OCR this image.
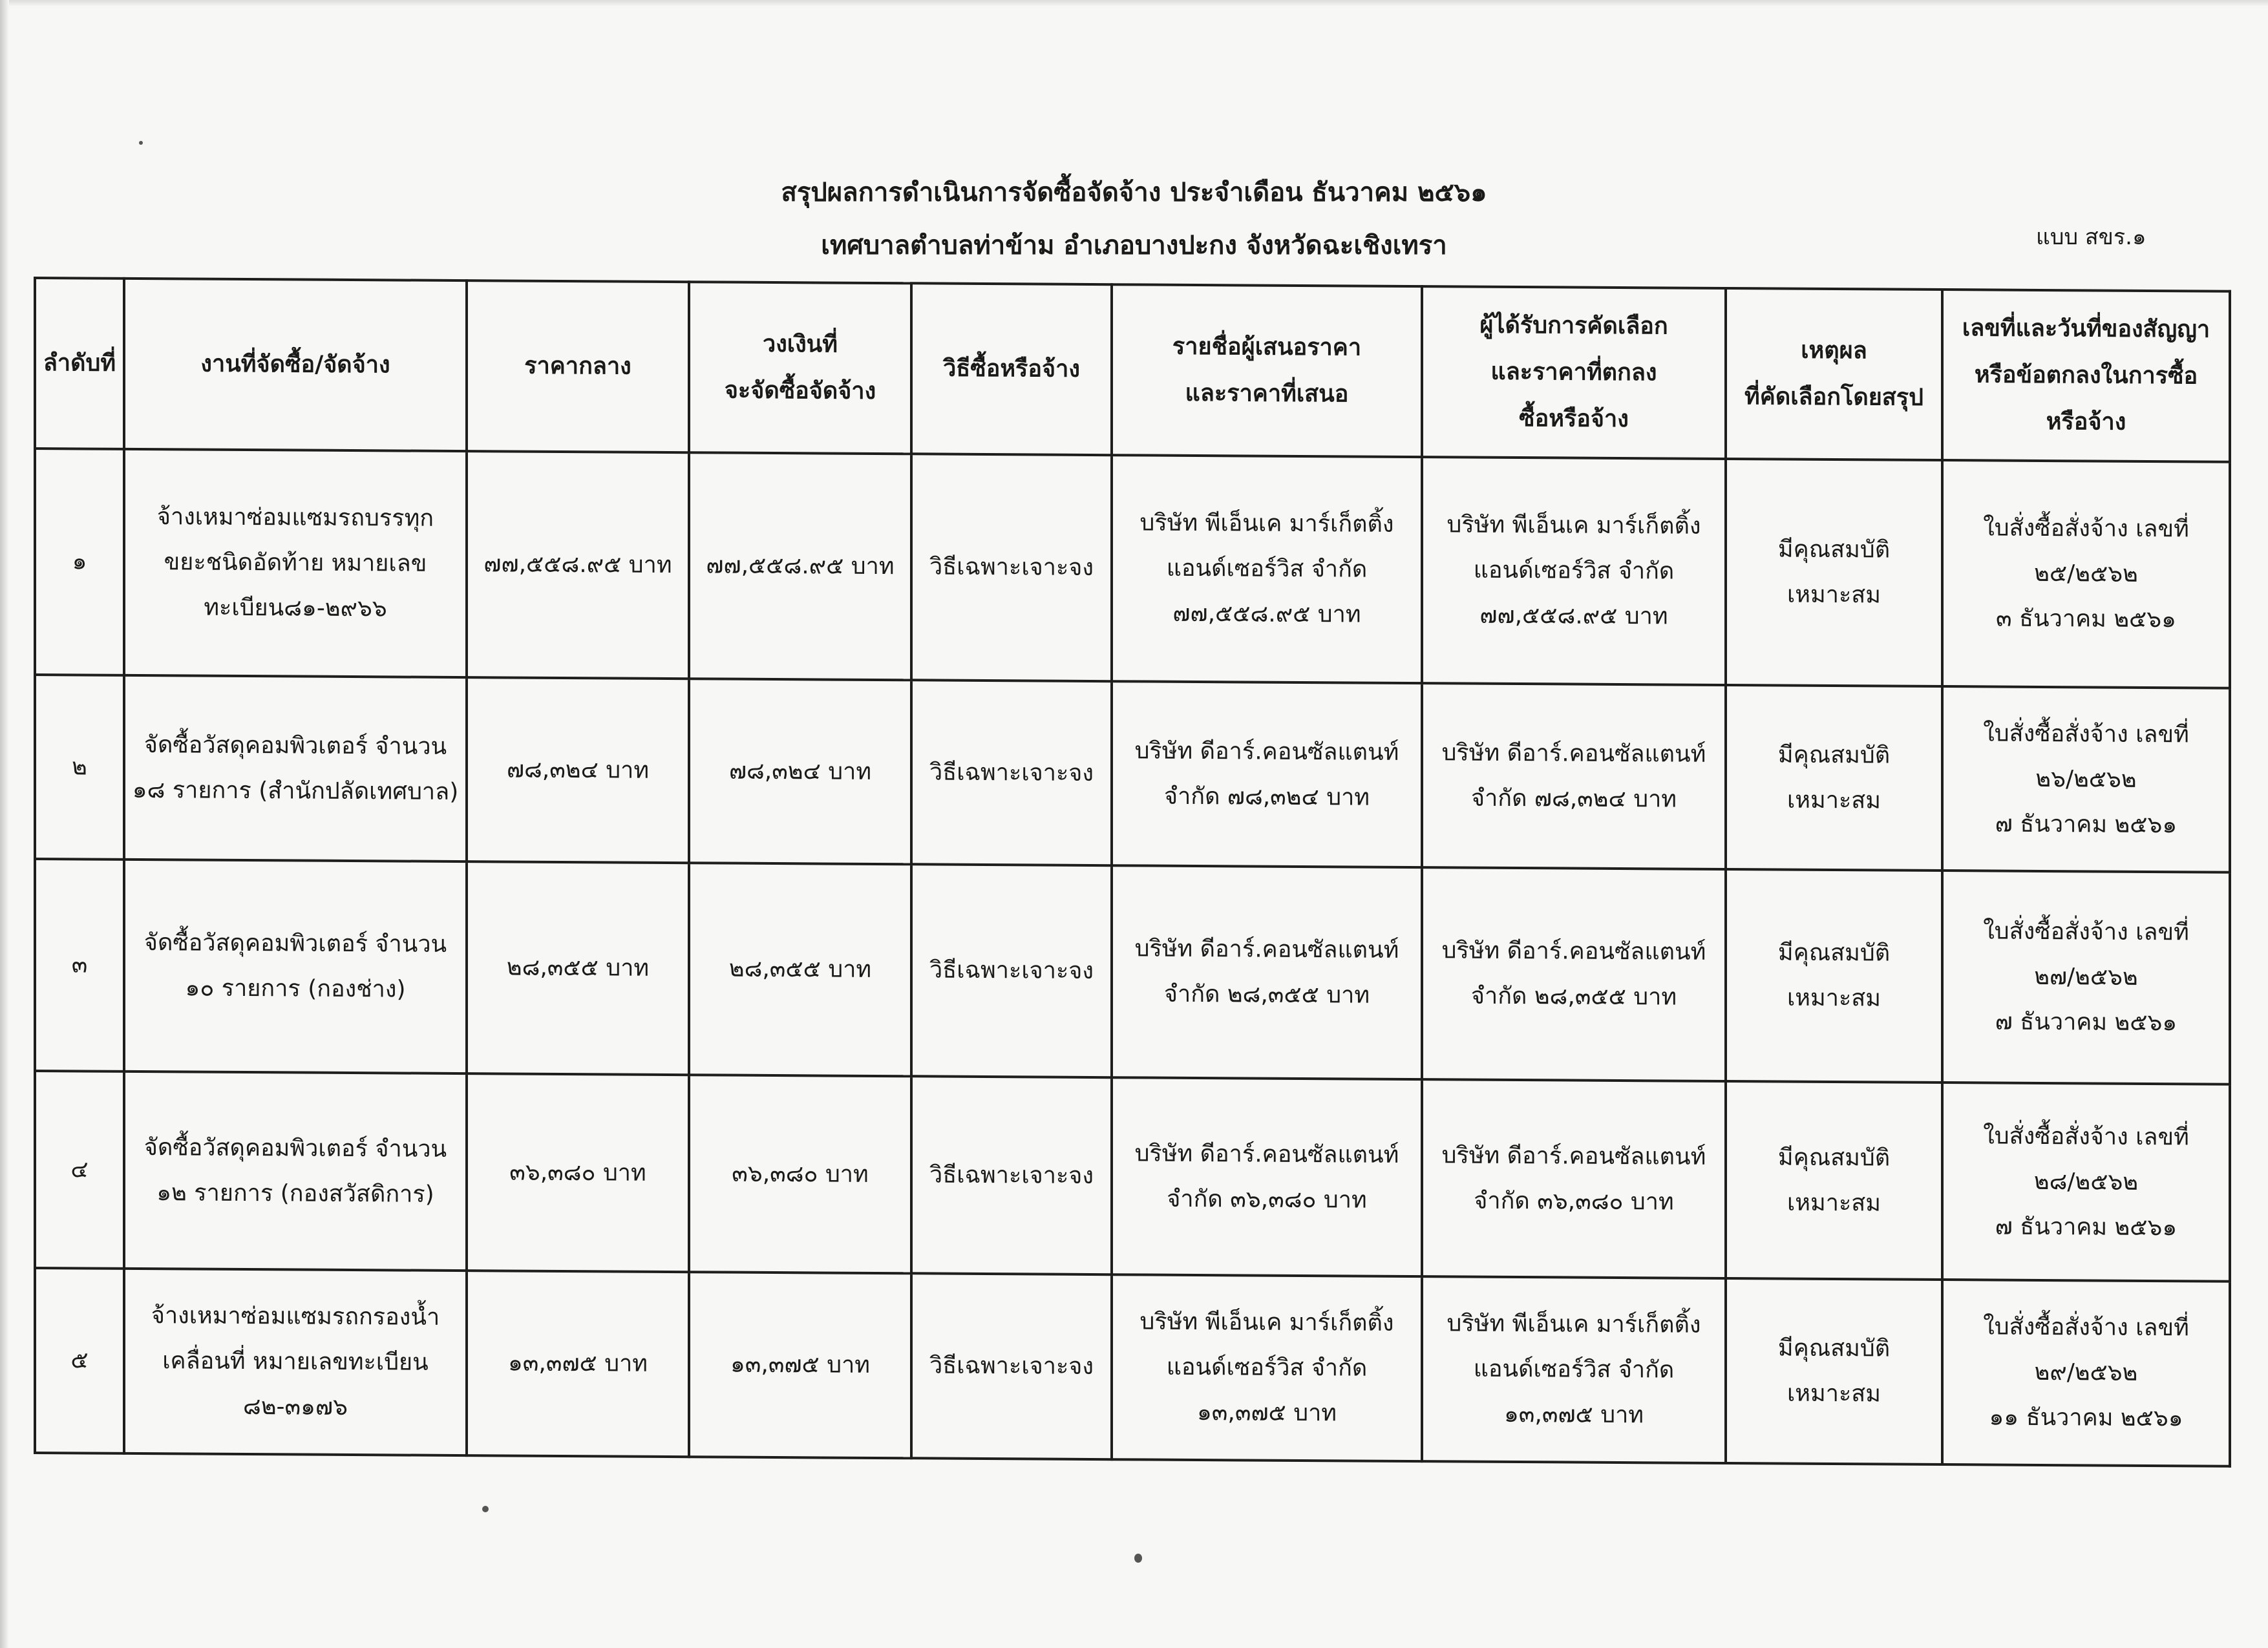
สรุปผลการดำเนินการจัดซื้อจัดจ้าง ประจำเดือน ธันวาคม ๒๕๖๑
เทศบาลตำบลท่าข้าม อำเภอบางปะกง จังหวัดฉะเชิงเทรา	แบบ สขร.๑
ลำดับที่	งานที่จัดซื้อ/จัดจ้าง	ราคากลาง	วงเงินที่
จะจัดซื้อจัดจ้าง	วิธีซื้อหรือจ้าง	รายชื่อผู้เสนอราคา
และราคาที่เสนอ	ผู้ได้รับการคัดเลือก
และราคาที่ตกลง
ซื้อหรือจ้าง	เหตุผล
ที่คัดเลือกโดยสรุป	เลขที่และวันที่ของสัญญา
หรือข้อตกลงในการซื้อ
หรือจ้าง

๑	จ้างเหมาซ่อมแซมรถบรรทุก
ขยะชนิดอัดท้าย หมายเลข
ทะเบียน๘๑-๒๙๖๖	๗๗,๕๕๘.๙๕ บาท	๗๗,๕๕๘.๙๕ บาท	วิธีเฉพาะเจาะจง	บริษัท พีเอ็นเค มาร์เก็ตติ้ง
แอนด์เซอร์วิส จำกัด
๗๗,๕๕๘.๙๕ บาท	บริษัท พีเอ็นเค มาร์เก็ตติ้ง
แอนด์เซอร์วิส จำกัด
๗๗,๕๕๘.๙๕ บาท	มีคุณสมบัติ
เหมาะสม	ใบสั่งซื้อสั่งจ้าง เลขที่
๒๕/๒๕๖๒
๓ ธันวาคม ๒๕๖๑

๒	จัดซื้อวัสดุคอมพิวเตอร์ จำนวน
๑๘ รายการ (สำนักปลัดเทศบาล)	๗๘,๓๒๔ บาท	๗๘,๓๒๔ บาท	วิธีเฉพาะเจาะจง	บริษัท ดีอาร์.คอนซัลแตนท์
จำกัด ๗๘,๓๒๔ บาท	บริษัท ดีอาร์.คอนซัลแตนท์
จำกัด ๗๘,๓๒๔ บาท	มีคุณสมบัติ
เหมาะสม	ใบสั่งซื้อสั่งจ้าง เลขที่
๒๖/๒๕๖๒
๗ ธันวาคม ๒๕๖๑

๓	จัดซื้อวัสดุคอมพิวเตอร์ จำนวน
๑๐ รายการ (กองช่าง)	๒๘,๓๕๕ บาท	๒๘,๓๕๕ บาท	วิธีเฉพาะเจาะจง	บริษัท ดีอาร์.คอนซัลแตนท์
จำกัด ๒๘,๓๕๕ บาท	บริษัท ดีอาร์.คอนซัลแตนท์
จำกัด ๒๘,๓๕๕ บาท	มีคุณสมบัติ
เหมาะสม	ใบสั่งซื้อสั่งจ้าง เลขที่
๒๗/๒๕๖๒
๗ ธันวาคม ๒๕๖๑

๔	จัดซื้อวัสดุคอมพิวเตอร์ จำนวน
๑๒ รายการ (กองสวัสดิการ)	๓๖,๓๘๐ บาท	๓๖,๓๘๐ บาท	วิธีเฉพาะเจาะจง	บริษัท ดีอาร์.คอนซัลแตนท์
จำกัด ๓๖,๓๘๐ บาท	บริษัท ดีอาร์.คอนซัลแตนท์
จำกัด ๓๖,๓๘๐ บาท	มีคุณสมบัติ
เหมาะสม	ใบสั่งซื้อสั่งจ้าง เลขที่
๒๘/๒๕๖๒
๗ ธันวาคม ๒๕๖๑

๕	จ้างเหมาซ่อมแซมรถกรองน้ำ
เคลื่อนที่ หมายเลขทะเบียน
๘๒-๓๑๗๖	๑๓,๓๗๕ บาท	๑๓,๓๗๕ บาท	วิธีเฉพาะเจาะจง	บริษัท พีเอ็นเค มาร์เก็ตติ้ง
แอนด์เซอร์วิส จำกัด
๑๓,๓๗๕ บาท	บริษัท พีเอ็นเค มาร์เก็ตติ้ง
แอนด์เซอร์วิส จำกัด
๑๓,๓๗๕ บาท	มีคุณสมบัติ
เหมาะสม	ใบสั่งซื้อสั่งจ้าง เลขที่
๒๙/๒๕๖๒
๑๑ ธันวาคม ๒๕๖๑
